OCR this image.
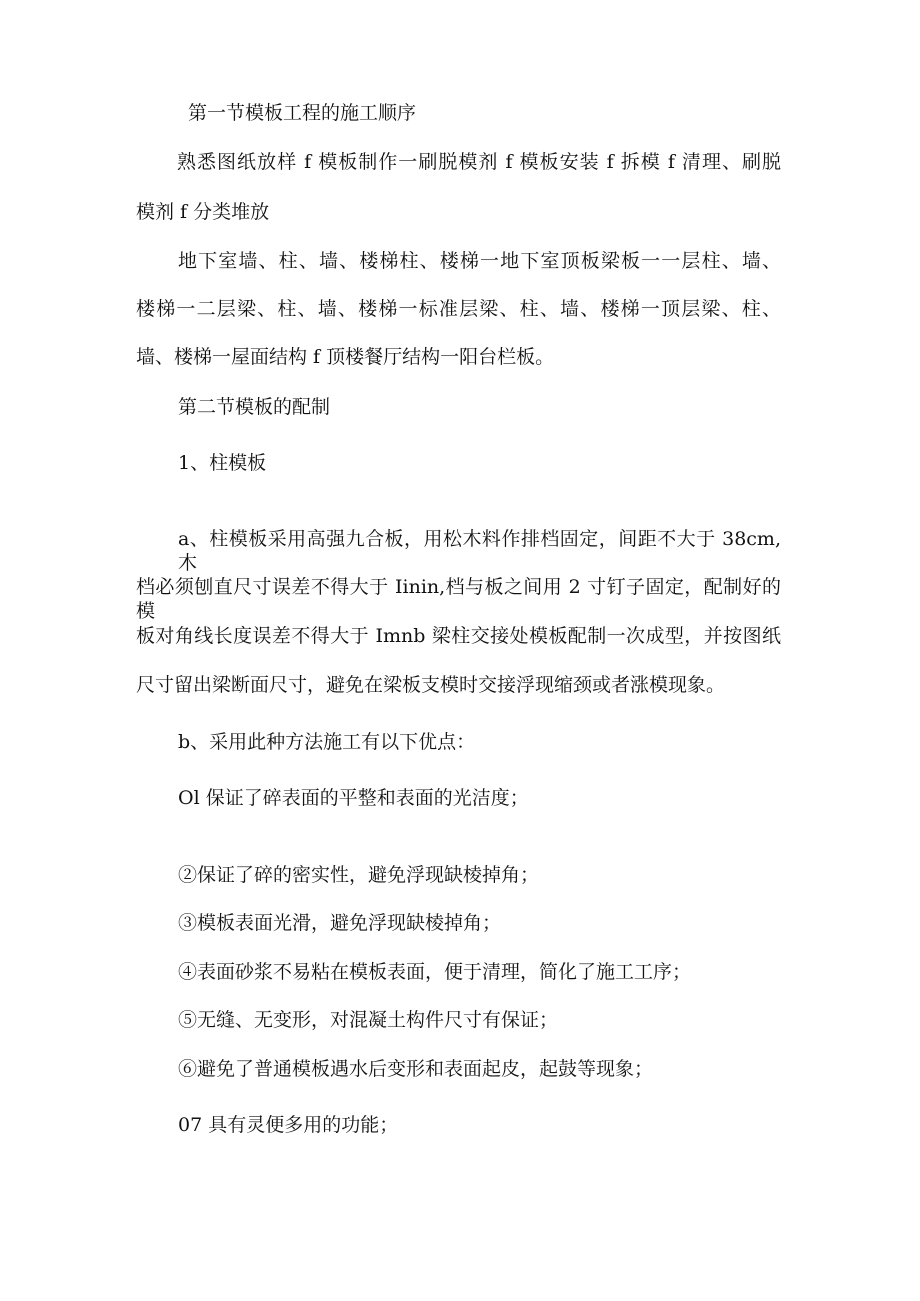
第一节模板工程的施工顺序
熟悉图纸放样 f 模板制作一刷脱模剂 f 模板安装 f 拆模 f 清理、刷脱
模剂 f 分类堆放
地下室墙、柱、墙、楼梯柱、楼梯一地下室顶板梁板一一层柱、墙、
楼梯一二层梁、柱、墙、楼梯一标准层梁、柱、墙、楼梯一顶层梁、柱、
墙、楼梯一屋面结构 f 顶楼餐厅结构一阳台栏板。
第二节模板的配制
1、柱模板
a、柱模板采用高强九合板，用松木料作排档固定，间距不大于 38cm,木
档必须刨直尺寸误差不得大于 Iinin,档与板之间用 2 寸钉子固定，配制好的模
板对角线长度误差不得大于 Imnb 梁柱交接处模板配制一次成型，并按图纸
尺寸留出梁断面尺寸，避免在梁板支模时交接浮现缩颈或者涨模现象。
b、采用此种方法施工有以下优点：
Ol 保证了碎表面的平整和表面的光洁度；
②保证了碎的密实性，避免浮现缺棱掉角；
③模板表面光滑，避免浮现缺棱掉角；
④表面砂浆不易粘在模板表面，便于清理，简化了施工工序；
⑤无缝、无变形，对混凝土构件尺寸有保证；
⑥避免了普通模板遇水后变形和表面起皮，起鼓等现象；
07 具有灵便多用的功能；
